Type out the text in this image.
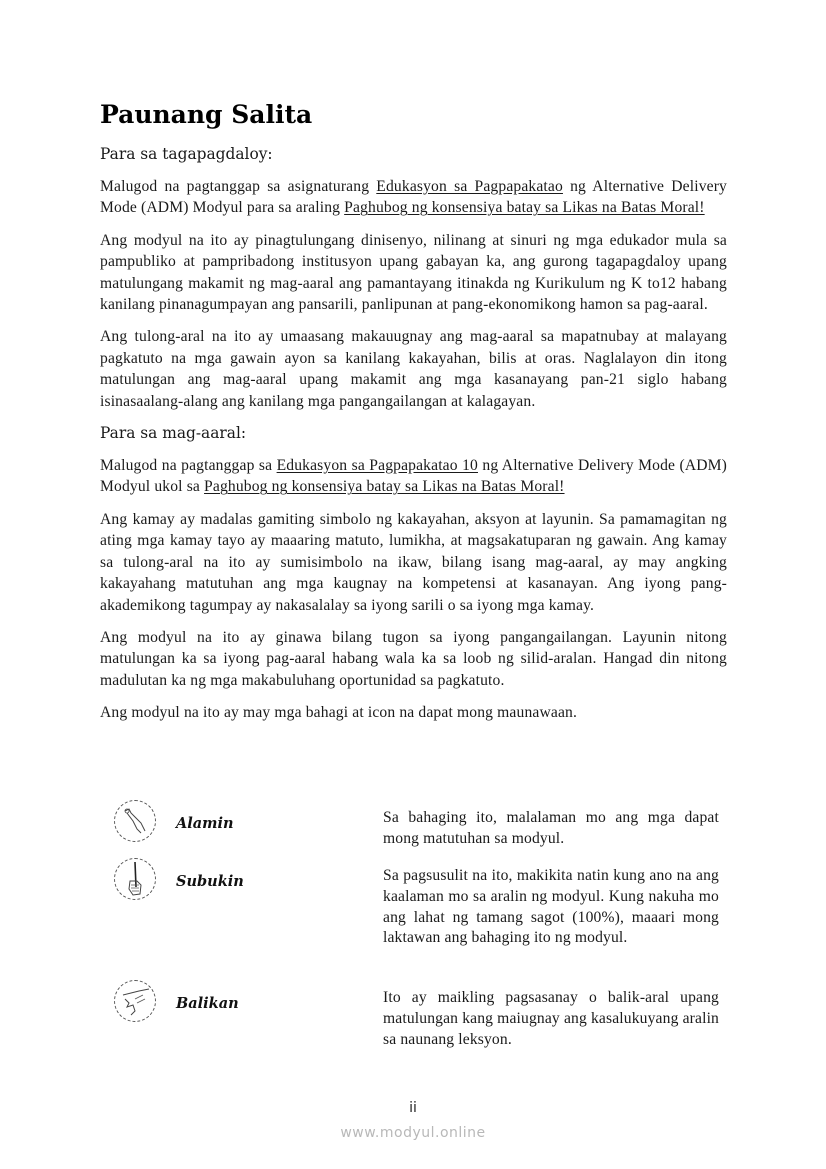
Paunang Salita
Para sa tagapagdaloy:

Malugod na pagtanggap sa asignaturang Edukasyon sa Pagpapakatao ng Alternative Delivery Mode (ADM) Modyul para sa araling Paghubog ng konsensiya batay sa Likas na Batas Moral!

Ang modyul na ito ay pinagtulungang dinisenyo, nilinang at sinuri ng mga edukador mula sa pampubliko at pampribadong institusyon upang gabayan ka, ang gurong tagapagdaloy upang matulungang makamit ng mag-aaral ang pamantayang itinakda ng Kurikulum ng K to12 habang kanilang pinanagumpayan ang pansarili, panlipunan at pang-ekonomikong hamon sa pag-aaral.

Ang tulong-aral na ito ay umaasang makauugnay ang mag-aaral sa mapatnubay at malayang pagkatuto na mga gawain ayon sa kanilang kakayahan, bilis at oras. Naglalayon din itong matulungan ang mag-aaral upang makamit ang mga kasanayang pan-21 siglo habang isinasaalang-alang ang kanilang mga pangangailangan at kalagayan.

Para sa mag-aaral:

Malugod na pagtanggap sa Edukasyon sa Pagpapakatao 10 ng Alternative Delivery Mode (ADM) Modyul ukol sa Paghubog ng konsensiya batay sa Likas na Batas Moral!

Ang kamay ay madalas gamiting simbolo ng kakayahan, aksyon at layunin. Sa pamamagitan ng ating mga kamay tayo ay maaaring matuto, lumikha, at magsakatuparan ng gawain. Ang kamay sa tulong-aral na ito ay sumisimbolo na ikaw, bilang isang mag-aaral, ay may angking kakayahang matutuhan ang mga kaugnay na kompetensi at kasanayan. Ang iyong pang-akademikong tagumpay ay nakasalalay sa iyong sarili o sa iyong mga kamay.

Ang modyul na ito ay ginawa bilang tugon sa iyong pangangailangan. Layunin nitong matulungan ka sa iyong pag-aaral habang wala ka sa loob ng silid-aralan. Hangad din nitong madulutan ka ng mga makabuluhang oportunidad sa pagkatuto.

Ang modyul na ito ay may mga bahagi at icon na dapat mong maunawaan.

Alamin	Sa bahaging ito, malalaman mo ang mga dapat mong matutuhan sa modyul.
Subukin	Sa pagsusulit na ito, makikita natin kung ano na ang kaalaman mo sa aralin ng modyul. Kung nakuha mo ang lahat ng tamang sagot (100%), maaari mong laktawan ang bahaging ito ng modyul.
Balikan	Ito ay maikling pagsasanay o balik-aral upang matulungan kang maiugnay ang kasalukuyang aralin sa naunang leksyon.
ii
www.modyul.online
